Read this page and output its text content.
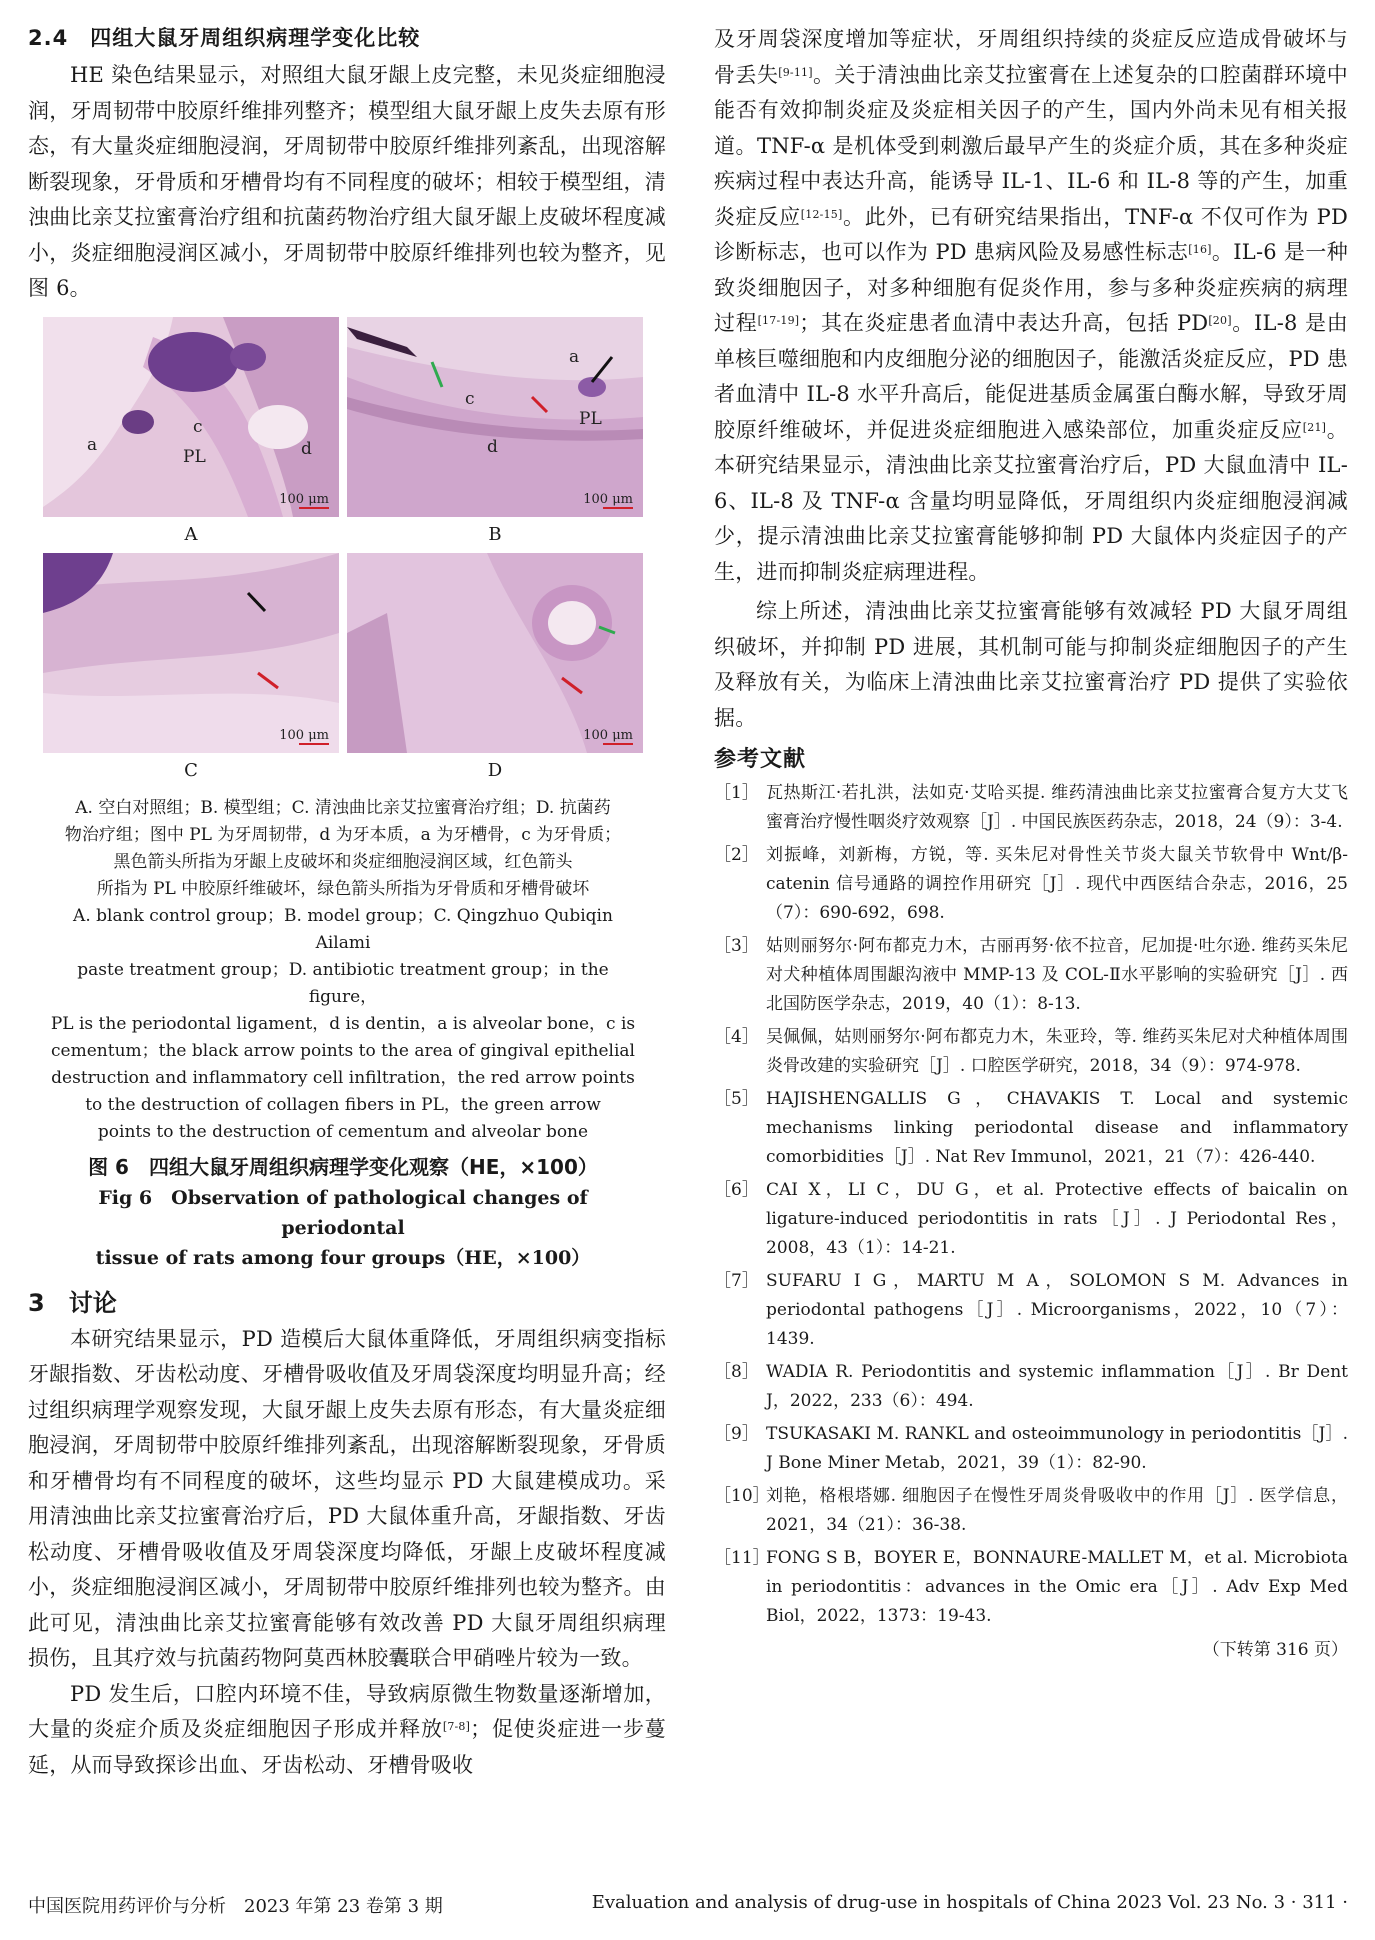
2.4　四组大鼠牙周组织病理学变化比较

HE 染色结果显示，对照组大鼠牙龈上皮完整，未见炎症细胞浸润，牙周韧带中胶原纤维排列整齐；模型组大鼠牙龈上皮失去原有形态，有大量炎症细胞浸润，牙周韧带中胶原纤维排列紊乱，出现溶解断裂现象，牙骨质和牙槽骨均有不同程度的破坏；相较于模型组，清浊曲比亲艾拉蜜膏治疗组和抗菌药物治疗组大鼠牙龈上皮破坏程度减小，炎症细胞浸润区减小，牙周韧带中胶原纤维排列也较为整齐，见图 6。

a
c
PL	d
100 μm
A
a
c
PL
d
100 μm
B
100 μm
C
100 μm
D
A. 空白对照组；B. 模型组；C. 清浊曲比亲艾拉蜜膏治疗组；D. 抗菌药
物治疗组；图中 PL 为牙周韧带，d 为牙本质，a 为牙槽骨，c 为牙骨质；
黑色箭头所指为牙龈上皮破坏和炎症细胞浸润区域，红色箭头
所指为 PL 中胶原纤维破坏，绿色箭头所指为牙骨质和牙槽骨破坏
A. blank control group；B. model group；C. Qingzhuo Qubiqin Ailami
paste treatment group；D. antibiotic treatment group；in the figure，
PL is the periodontal ligament，d is dentin，a is alveolar bone，c is
cementum；the black arrow points to the area of gingival epithelial
destruction and inflammatory cell infiltration，the red arrow points
to the destruction of collagen fibers in PL，the green arrow
points to the destruction of cementum and alveolar bone
图 6　四组大鼠牙周组织病理学变化观察（HE，×100）
Fig 6　Observation of pathological changes of periodontal
tissue of rats among four groups（HE，×100）
3　讨论

本研究结果显示，PD 造模后大鼠体重降低，牙周组织病变指标牙龈指数、牙齿松动度、牙槽骨吸收值及牙周袋深度均明显升高；经过组织病理学观察发现，大鼠牙龈上皮失去原有形态，有大量炎症细胞浸润，牙周韧带中胶原纤维排列紊乱，出现溶解断裂现象，牙骨质和牙槽骨均有不同程度的破坏，这些均显示 PD 大鼠建模成功。采用清浊曲比亲艾拉蜜膏治疗后，PD 大鼠体重升高，牙龈指数、牙齿松动度、牙槽骨吸收值及牙周袋深度均降低，牙龈上皮破坏程度减小，炎症细胞浸润区减小，牙周韧带中胶原纤维排列也较为整齐。由此可见，清浊曲比亲艾拉蜜膏能够有效改善 PD 大鼠牙周组织病理损伤，且其疗效与抗菌药物阿莫西林胶囊联合甲硝唑片较为一致。

PD 发生后，口腔内环境不佳，导致病原微生物数量逐渐增加，大量的炎症介质及炎症细胞因子形成并释放[7-8]；促使炎症进一步蔓延，从而导致探诊出血、牙齿松动、牙槽骨吸收

及牙周袋深度增加等症状，牙周组织持续的炎症反应造成骨破坏与骨丢失[9-11]。关于清浊曲比亲艾拉蜜膏在上述复杂的口腔菌群环境中能否有效抑制炎症及炎症相关因子的产生，国内外尚未见有相关报道。TNF-α 是机体受到刺激后最早产生的炎症介质，其在多种炎症疾病过程中表达升高，能诱导 IL-1、IL-6 和 IL-8 等的产生，加重炎症反应[12-15]。此外，已有研究结果指出，TNF-α 不仅可作为 PD 诊断标志，也可以作为 PD 患病风险及易感性标志[16]。IL-6 是一种致炎细胞因子，对多种细胞有促炎作用，参与多种炎症疾病的病理过程[17-19]；其在炎症患者血清中表达升高，包括 PD[20]。IL-8 是由单核巨噬细胞和内皮细胞分泌的细胞因子，能激活炎症反应，PD 患者血清中 IL-8 水平升高后，能促进基质金属蛋白酶水解，导致牙周胶原纤维破坏，并促进炎症细胞进入感染部位，加重炎症反应[21]。本研究结果显示，清浊曲比亲艾拉蜜膏治疗后，PD 大鼠血清中 IL-6、IL-8 及 TNF-α 含量均明显降低，牙周组织内炎症细胞浸润减少，提示清浊曲比亲艾拉蜜膏能够抑制 PD 大鼠体内炎症因子的产生，进而抑制炎症病理进程。

综上所述，清浊曲比亲艾拉蜜膏能够有效减轻 PD 大鼠牙周组织破坏，并抑制 PD 进展，其机制可能与抑制炎症细胞因子的产生及释放有关，为临床上清浊曲比亲艾拉蜜膏治疗 PD 提供了实验依据。

参考文献
［1］ 瓦热斯江·若扎洪，法如克·艾哈买提. 维药清浊曲比亲艾拉蜜膏合复方大艾飞蜜膏治疗慢性咽炎疗效观察［J］. 中国民族医药杂志，2018，24（9）：3-4.
［2］ 刘振峰，刘新梅，方锐，等. 买朱尼对骨性关节炎大鼠关节软骨中 Wnt/β-catenin 信号通路的调控作用研究［J］. 现代中西医结合杂志，2016，25（7）：690-692，698.
［3］ 姑则丽努尔·阿布都克力木，古丽再努·依不拉音，尼加提·吐尔逊. 维药买朱尼对犬种植体周围龈沟液中 MMP-13 及 COL-Ⅱ水平影响的实验研究［J］. 西北国防医学杂志，2019，40（1）：8-13.
［4］ 吴佩佩，姑则丽努尔·阿布都克力木，朱亚玲，等. 维药买朱尼对犬种植体周围炎骨改建的实验研究［J］. 口腔医学研究，2018，34（9）：974-978.
［5］ HAJISHENGALLIS G，CHAVAKIS T. Local and systemic mechanisms linking periodontal disease and inflammatory comorbidities［J］. Nat Rev Immunol，2021，21（7）：426-440.
［6］ CAI X，LI C，DU G，et al. Protective effects of baicalin on ligature-induced periodontitis in rats［J］. J Periodontal Res，2008，43（1）：14-21.
［7］ SUFARU I G，MARTU M A，SOLOMON S M. Advances in periodontal pathogens［J］. Microorganisms，2022，10（7）：1439.
［8］ WADIA R. Periodontitis and systemic inflammation［J］. Br Dent J，2022，233（6）：494.
［9］ TSUKASAKI M. RANKL and osteoimmunology in periodontitis［J］. J Bone Miner Metab，2021，39（1）：82-90.
［10］
刘艳，格根塔娜. 细胞因子在慢性牙周炎骨吸收中的作用［J］. 医学信息，2021，34（21）：36-38.
［11］
FONG S B，BOYER E，BONNAURE-MALLET M，et al. Microbiota in periodontitis：advances in the Omic era［J］. Adv Exp Med Biol，2022，1373：19-43.
（下转第 316 页）
中国医院用药评价与分析　2023 年第 23 卷第 3 期	Evaluation and analysis of drug-use in hospitals of China 2023 Vol. 23 No. 3 · 311 ·
